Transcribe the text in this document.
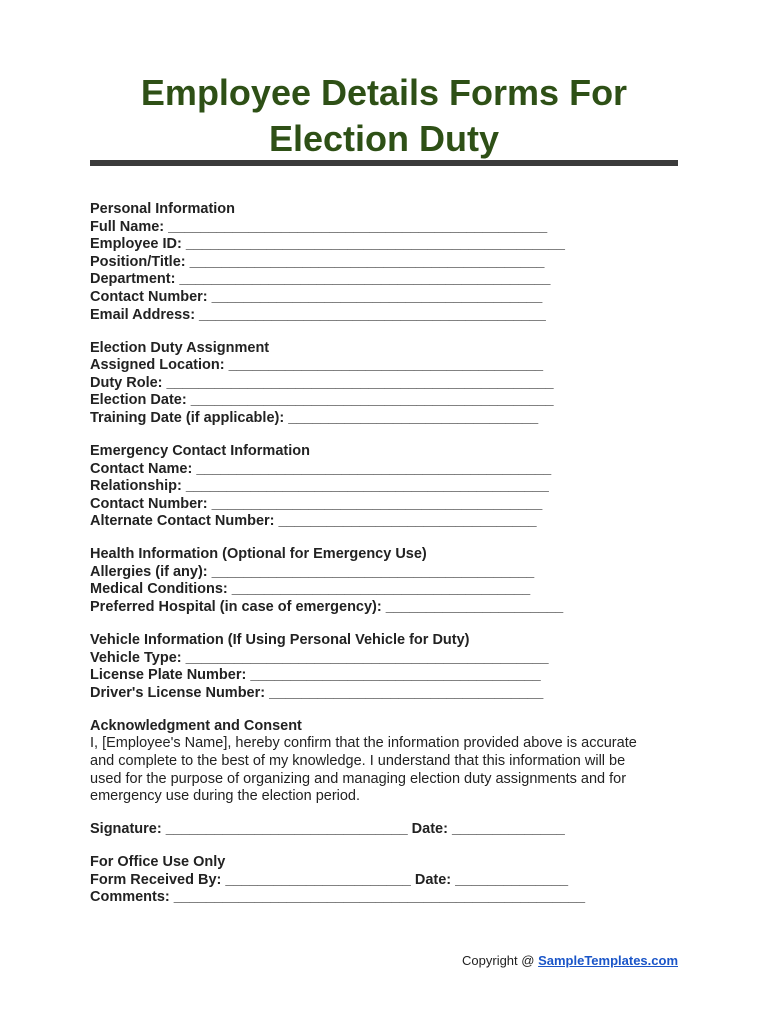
Employee Details Forms For
Election Duty
Personal Information
Full Name: _______________________________________________
Employee ID: _______________________________________________
Position/Title: ____________________________________________
Department: ______________________________________________
Contact Number: _________________________________________
Email Address: ___________________________________________
Election Duty Assignment
Assigned Location: _______________________________________
Duty Role: ________________________________________________
Election Date: _____________________________________________
Training Date (if applicable): _______________________________
Emergency Contact Information
Contact Name: ____________________________________________
Relationship: _____________________________________________
Contact Number: _________________________________________
Alternate Contact Number: ________________________________
Health Information (Optional for Emergency Use)
Allergies (if any): ________________________________________
Medical Conditions: _____________________________________
Preferred Hospital (in case of emergency): ______________________
Vehicle Information (If Using Personal Vehicle for Duty)
Vehicle Type: _____________________________________________
License Plate Number: ____________________________________
Driver's License Number: __________________________________
Acknowledgment and Consent
I, [Employee's Name], hereby confirm that the information provided above is accurate
and complete to the best of my knowledge. I understand that this information will be
used for the purpose of organizing and managing election duty assignments and for
emergency use during the election period.
Signature: ______________________________ Date: ______________
For Office Use Only
Form Received By: _______________________ Date: ______________
Comments: ___________________________________________________
Copyright @ SampleTemplates.com
